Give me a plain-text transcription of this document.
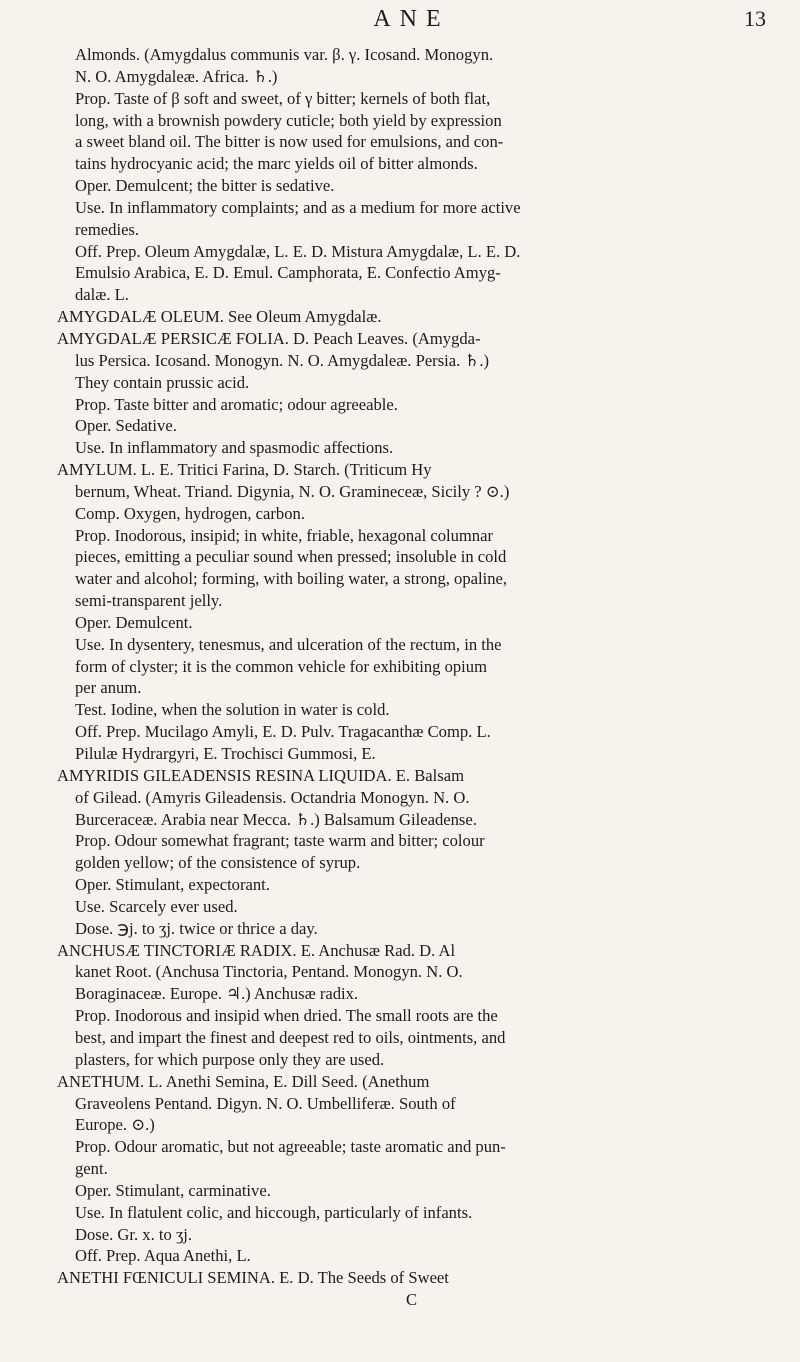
ANE	13
Almonds. (Amygdalus communis var. β. γ. Icosand. Monogyn.
N. O. Amygdaleæ. Africa. ♄.)
Prop. Taste of β soft and sweet, of γ bitter; kernels of both flat,
long, with a brownish powdery cuticle; both yield by expression
a sweet bland oil. The bitter is now used for emulsions, and con-
tains hydrocyanic acid; the marc yields oil of bitter almonds.
Oper. Demulcent; the bitter is sedative.
Use. In inflammatory complaints; and as a medium for more active
remedies.
Off. Prep. Oleum Amygdalæ, L. E. D. Mistura Amygdalæ, L. E. D.
Emulsio Arabica, E. D. Emul. Camphorata, E. Confectio Amyg-
dalæ. L.
AMYGDALÆ OLEUM. See Oleum Amygdalæ.
AMYGDALÆ PERSICÆ FOLIA. D. Peach Leaves. (Amygda-
lus Persica. Icosand. Monogyn. N. O. Amygdaleæ. Persia. ♄.)
They contain prussic acid.
Prop. Taste bitter and aromatic; odour agreeable.
Oper. Sedative.
Use. In inflammatory and spasmodic affections.
AMYLUM. L. E. Tritici Farina, D. Starch. (Triticum Hy
bernum, Wheat. Triand. Digynia, N. O. Gramineceæ, Sicily ? ⊙.)
Comp. Oxygen, hydrogen, carbon.
Prop. Inodorous, insipid; in white, friable, hexagonal columnar
pieces, emitting a peculiar sound when pressed; insoluble in cold
water and alcohol; forming, with boiling water, a strong, opaline,
semi-transparent jelly.
Oper. Demulcent.
Use. In dysentery, tenesmus, and ulceration of the rectum, in the
form of clyster; it is the common vehicle for exhibiting opium
per anum.
Test. Iodine, when the solution in water is cold.
Off. Prep. Mucilago Amyli, E. D. Pulv. Tragacanthæ Comp. L.
Pilulæ Hydrargyri, E. Trochisci Gummosi, E.
AMYRIDIS GILEADENSIS RESINA LIQUIDA. E. Balsam
of Gilead. (Amyris Gileadensis. Octandria Monogyn. N. O.
Burceraceæ. Arabia near Mecca. ♄.) Balsamum Gileadense.
Prop. Odour somewhat fragrant; taste warm and bitter; colour
golden yellow; of the consistence of syrup.
Oper. Stimulant, expectorant.
Use. Scarcely ever used.
Dose. ℈j. to ʒj. twice or thrice a day.
ANCHUSÆ TINCTORIÆ RADIX. E. Anchusæ Rad. D. Al
kanet Root. (Anchusa Tinctoria, Pentand. Monogyn. N. O.
Boraginaceæ. Europe. ♃.) Anchusæ radix.
Prop. Inodorous and insipid when dried. The small roots are the
best, and impart the finest and deepest red to oils, ointments, and
plasters, for which purpose only they are used.
ANETHUM. L. Anethi Semina, E. Dill Seed. (Anethum
Graveolens Pentand. Digyn. N. O. Umbelliferæ. South of
Europe. ⊙.)
Prop. Odour aromatic, but not agreeable; taste aromatic and pun-
gent.
Oper. Stimulant, carminative.
Use. In flatulent colic, and hiccough, particularly of infants.
Dose. Gr. x. to ʒj.
Off. Prep. Aqua Anethi, L.
ANETHI FŒNICULI SEMINA. E. D. The Seeds of Sweet
C
